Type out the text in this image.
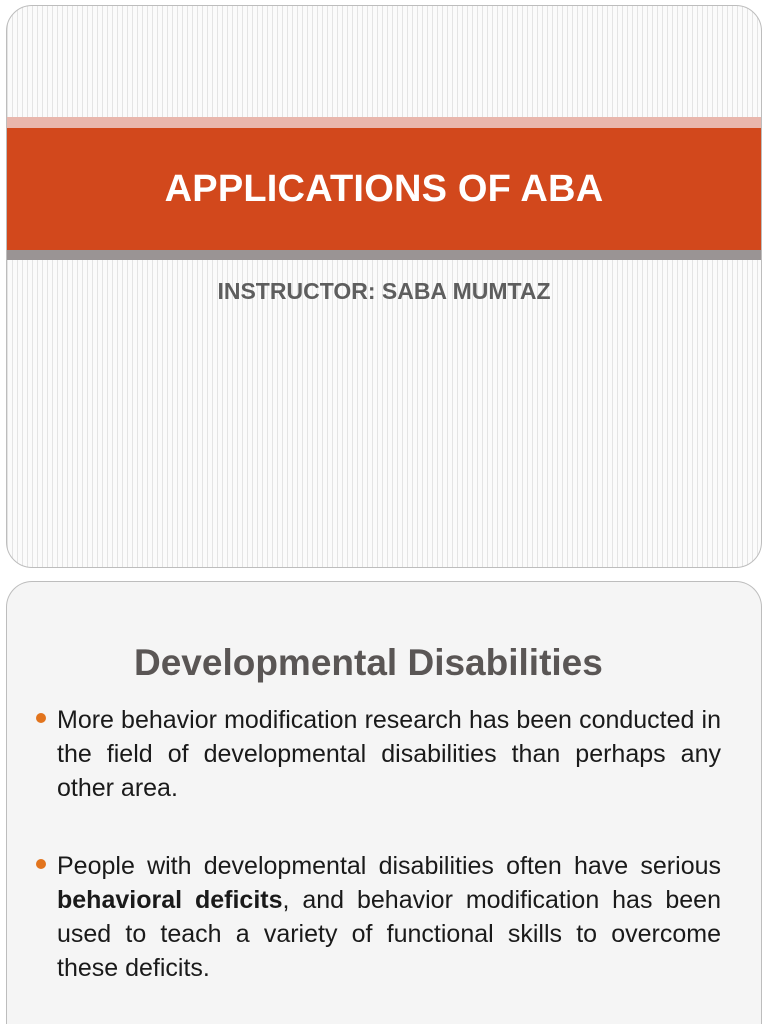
APPLICATIONS OF ABA
INSTRUCTOR: SABA MUMTAZ
Developmental Disabilities
More behavior modification research has been conducted in the field of developmental disabilities than perhaps any other area.
People with developmental disabilities often have serious behavioral deficits, and behavior modification has been used to teach a variety of functional skills to overcome these deficits.
